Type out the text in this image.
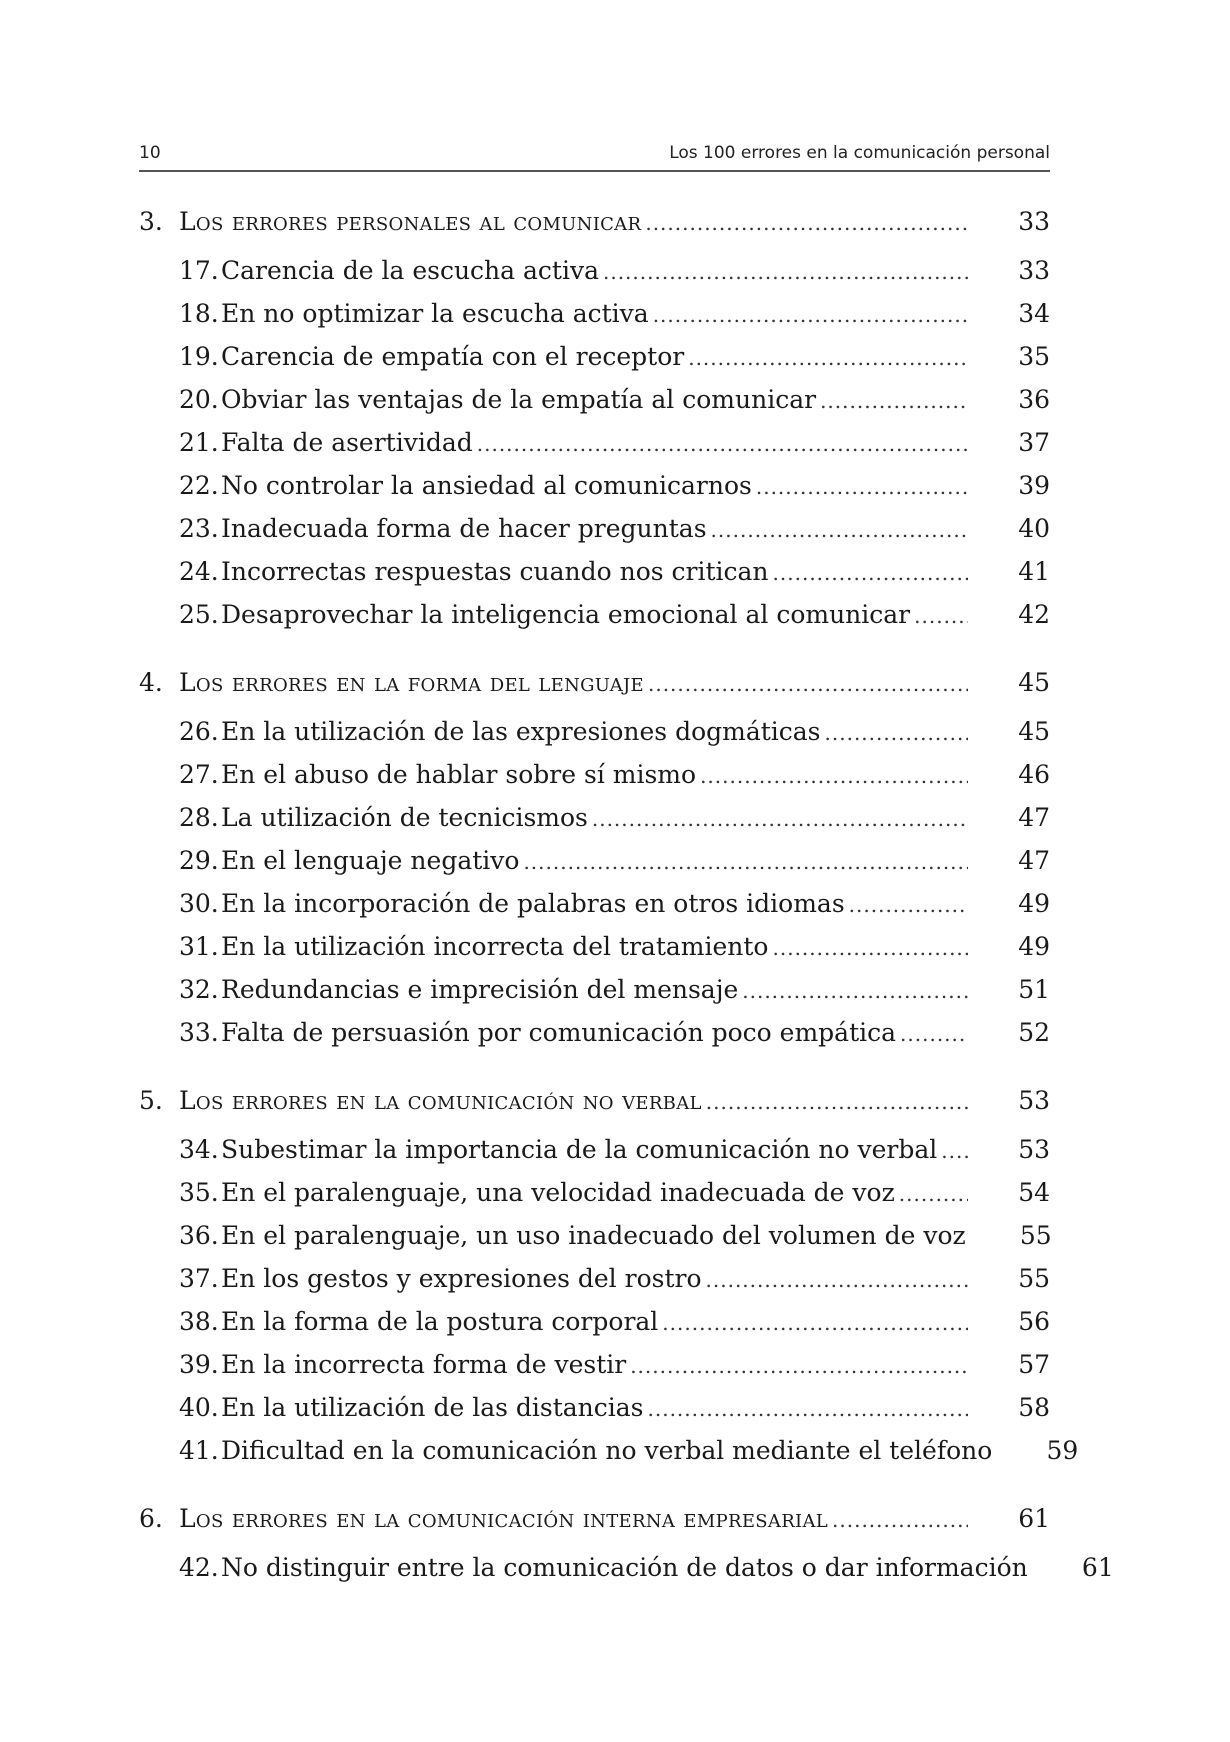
10	Los 100 errores en la comunicación personal
3. Los errores personales al comunicar .....	33
17. Carencia de la escucha activa .....	33
18. En no optimizar la escucha activa .....	34
19. Carencia de empatía con el receptor .....	35
20. Obviar las ventajas de la empatía al comunicar .....	36
21. Falta de asertividad .....	37
22. No controlar la ansiedad al comunicarnos .....	39
23. Inadecuada forma de hacer preguntas .....	40
24. Incorrectas respuestas cuando nos critican .....	41
25. Desaprovechar la inteligencia emocional al comunicar .....	42
4. Los errores en la forma del lenguaje .....	45
26. En la utilización de las expresiones dogmáticas .....	45
27. En el abuso de hablar sobre sí mismo .....	46
28. La utilización de tecnicismos .....	47
29. En el lenguaje negativo .....	47
30. En la incorporación de palabras en otros idiomas .....	49
31. En la utilización incorrecta del tratamiento .....	49
32. Redundancias e imprecisión del mensaje .....	51
33. Falta de persuasión por comunicación poco empática .....	52
5. Los errores en la comunicación no verbal .....	53
34. Subestimar la importancia de la comunicación no verbal .....	53
35. En el paralenguaje, una velocidad inadecuada de voz .....	54
36. En el paralenguaje, un uso inadecuado del volumen de voz	55
37. En los gestos y expresiones del rostro .....	55
38. En la forma de la postura corporal .....	56
39. En la incorrecta forma de vestir .....	57
40. En la utilización de las distancias .....	58
41. Dificultad en la comunicación no verbal mediante el teléfono	59
6. Los errores en la comunicación interna empresarial .....	61
42. No distinguir entre la comunicación de datos o dar información	61
